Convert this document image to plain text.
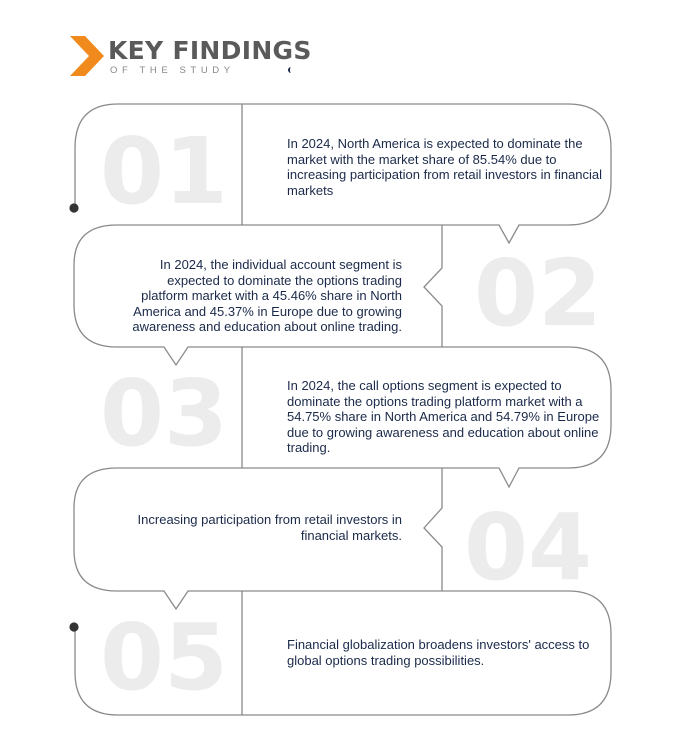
KEY FINDINGS
OF THE STUDY
01
02
03
04
05
In 2024, North America is expected to dominate the market with the market share of 85.54% due to increasing participation from retail investors in financial markets
In 2024, the individual account segment is expected to dominate the options trading platform market with a 45.46% share in North America and 45.37% in Europe due to growing awareness and education about online trading.
In 2024, the call options segment is expected to dominate the options trading platform market with a 54.75% share in North America and 54.79% in Europe due to growing awareness and education about online trading.
Increasing participation from retail investors in financial markets.
Financial globalization broadens investors' access to global options trading possibilities.
